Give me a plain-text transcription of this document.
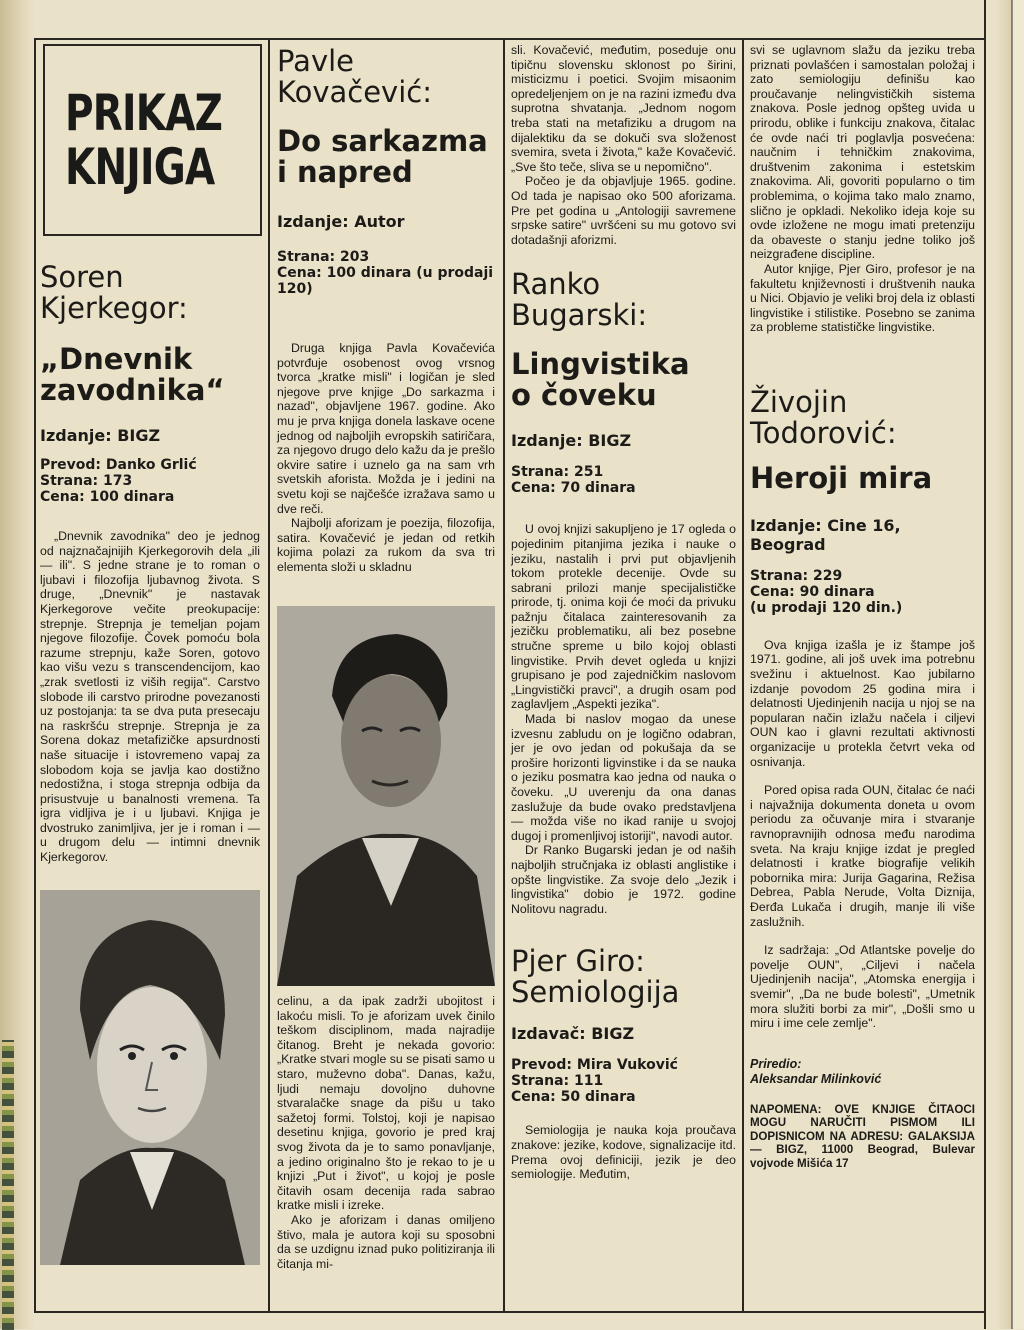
PRIKAZ
KNJIGA
Soren
Kjerkegor:
„Dnevnik
zavodnika“

Izdanje: BIGZ

Prevod: Danko Grlić

Strana: 173

Cena: 100 dinara

„Dnevnik zavodnika" deo je jednog od najznačajnijih Kjerkegorovih dela „ili — ili". S jedne strane je to roman o ljubavi i filozofija ljubavnog života. S druge, „Dnevnik" je nastavak Kjerkegorove večite preokupacije: strepnje. Strepnja je temeljan pojam njegove filozofije. Čovek pomoću bola razume strepnju, kaže Soren, gotovo kao višu vezu s transcendencijom, kao „zrak svetlosti iz viših regija". Carstvo slobode ili carstvo prirodne povezanosti uz postojanja: ta se dva puta presecaju na raskršću strepnje. Strepnja je za Sorena dokaz metafizičke apsurdnosti naše situacije i istovremeno vapaj za slobodom koja se javlja kao dostižno nedostižna, i stoga strepnja odbija da prisustvuje u banalnosti vremena. Ta igra vidljiva je i u ljubavi. Knjiga je dvostruko zanimljiva, jer je i roman i — u drugom delu — intimni dnevnik Kjerkegorov.

Pavle
Kovačević:
Do sarkazma
i napred

Izdanje: Autor

Strana: 203

Cena: 100 dinara (u prodaji 120)

Druga knjiga Pavla Kovačevića potvrđuje osobenost ovog vrsnog tvorca „kratke misli" i logičan je sled njegove prve knjige „Do sarkazma i nazad", objavljene 1967. godine. Ako mu je prva knjiga donela laskave ocene jednog od najboljih evropskih satiričara, za njegovo drugo delo kažu da je prešlo okvire satire i uznelo ga na sam vrh svetskih aforista. Možda je i jedini na svetu koji se najčešće izražava samo u dve reči.

Najbolji aforizam je poezija, filozofija, satira. Kovačević je jedan od retkih kojima polazi za rukom da sva tri elementa složi u skladnu

celinu, a da ipak zadrži ubojitost i lakoću misli. To je aforizam uvek činilo teškom disciplinom, mada najradije čitanog. Breht je nekada govorio: „Kratke stvari mogle su se pisati samo u staro, muževno doba". Danas, kažu, ljudi nemaju dovoljno duhovne stvaralačke snage da pišu u tako sažetoj formi. Tolstoj, koji je napisao desetinu knjiga, govorio je pred kraj svog života da je to samo ponavljanje, a jedino originalno što je rekao to je u knjizi „Put i život", u kojoj je posle čitavih osam decenija rada sabrao kratke misli i izreke.

Ako je aforizam i danas omiljeno štivo, mala je autora koji su sposobni da se uzdignu iznad puko politiziranja ili čitanja mi-

sli. Kovačević, međutim, poseduje onu tipičnu slovensku sklonost po širini, misticizmu i poetici. Svojim misaonim opredeljenjem on je na razini između dva suprotna shvatanja. „Jednom nogom treba stati na metafiziku a drugom na dijalektiku da se dokuči sva složenost svemira, sveta i života," kaže Kovačević. „Sve što teče, sliva se u nepomično".

Počeo je da objavljuje 1965. godine. Od tada je napisao oko 500 aforizama. Pre pet godina u „Antologiji savremene srpske satire" uvršćeni su mu gotovo svi dotadašnji aforizmi.

Ranko
Bugarski:
Lingvistika
o čoveku

Izdanje: BIGZ

Strana: 251

Cena: 70 dinara

U ovoj knjizi sakupljeno je 17 ogleda o pojedinim pitanjima jezika i nauke o jeziku, nastalih i prvi put objavljenih tokom protekle decenije. Ovde su sabrani prilozi manje specijalističke prirode, tj. onima koji će moći da privuku pažnju čitalaca zainteresovanih za jezičku problematiku, ali bez posebne stručne spreme u bilo kojoj oblasti lingvistike. Prvih devet ogleda u knjizi grupisano je pod zajedničkim naslovom „Lingvistički pravci", a drugih osam pod zaglavljem „Aspekti jezika".

Mada bi naslov mogao da unese izvesnu zabludu on je logično odabran, jer je ovo jedan od pokušaja da se proširе horizonti ligvinstike i da se nauka o jeziku posmatra kao jedna od nauka o čoveku. „U uverenju da ona danas zaslužuje da bude ovako predstavljena — možda više no ikad ranije u svojoj dugoj i promenljivoj istoriji", navodi autor.

Dr Ranko Bugarski jedan je od naših najboljih stručnjaka iz oblasti anglistike i opšte lingvistike. Za svoje delo „Jezik i lingvistika" dobio je 1972. godine Nolitovu nagradu.

Pjer Giro:
Semiologija

Izdavač: BIGZ

Prevod: Mira Vuković

Strana: 111

Cena: 50 dinara

Semiologija je nauka koja proučava znakove: jezike, kodove, signalizacije itd. Prema ovoj definiciji, jezik je deo semiologije. Međutim,

svi se uglavnom slažu da jeziku treba priznati povlašćen i samostalan položaj i zato semiologiju definišu kao proučavanje nelingvističkih sistema znakova. Posle jednog opšteg uvida u prirodu, oblike i funkciju znakova, čitalac će ovde naći tri poglavlja posvećena: naučnim i tehničkim znakovima, društvenim zakonima i estetskim znakovima. Ali, govoriti popularno o tim problemima, o kojima tako malo znamo, slično je opkladi. Nekoliko ideja koje su ovde izložene ne mogu imati pretenziju da obaveste o stanju jedne toliko još neizgrađene discipline.

Autor knjige, Pjer Giro, profesor je na fakultetu književnosti i društvenih nauka u Nici. Objavio je veliki broj dela iz oblasti lingvistike i stilistike. Posebno se zanima za probleme statističke lingvistike.

Živojin
Todorović:
Heroji mira

Izdanje: Cine 16,
Beograd

Strana: 229

Cena: 90 dinara
(u prodaji 120 din.)

Ova knjiga izašla je iz štampe još 1971. godine, ali još uvek ima potrebnu svežinu i aktuelnost. Kao jubilarno izdanje povodom 25 godina mira i delatnosti Ujedinjenih nacija u njoj se na popularan način izlažu načela i ciljevi OUN kao i glavni rezultati aktivnosti organizacije u protekla četvrt veka od osnivanja.

Pored opisa rada OUN, čitalac će naći i najvažnija dokumenta doneta u ovom periodu za očuvanje mira i stvaranje ravnopravnijih odnosa među narodima sveta. Na kraju knjige izdat je pregled delatnosti i kratke biografije velikih pobornika mira: Jurija Gagarina, Režisa Debrea, Pabla Nerude, Volta Diznija, Đerđa Lukača i drugih, manje ili više zaslužnih.

Iz sadržaja: „Od Atlantske povelje do povelje OUN", „Ciljevi i načela Ujedinjenih nacija", „Atomska energija i svemir", „Da ne bude bolesti", „Umetnik mora služiti borbi za mir", „Došli smo u miru i ime cele zemlje".

Priredio:
Aleksandar Milinković
NAPOMENA: OVE KNJIGE ČITAOCI MOGU NARUČITI PISMOM ILI DOPISNICOM NA ADRESU: GALAKSIJA — BIGZ, 11000 Beograd, Bulevar vojvode Mišića 17
